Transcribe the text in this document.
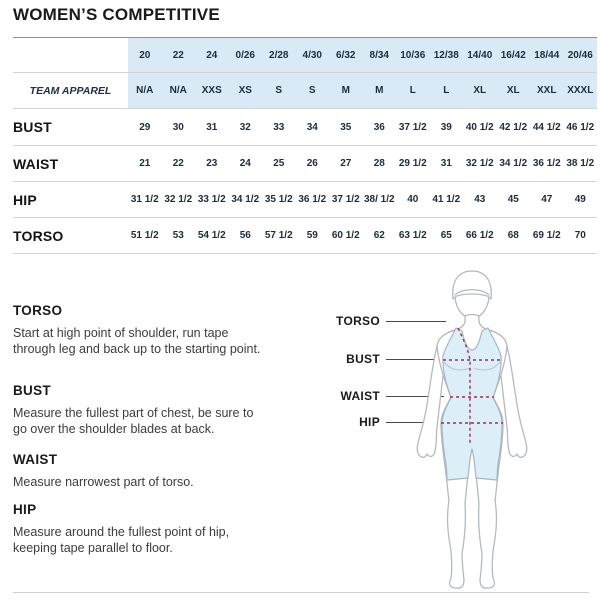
WOMEN’S COMPETITIVE
20	22	24	0/26	2/28	4/30	6/32	8/34	10/36 12/38 14/40 16/42 18/44 20/46
TEAM APPAREL	N/A	N/A	XXS	XS	S	S	M	M	L	L	XL	XL	XXL	XXXL
BUST	29	30	31	32	33	34	35	36	37 1/2	39	40 1/2 42 1/2 44 1/2 46 1/2
WAIST	21	22	23	24	25	26	27	28	29 1/2	31	32 1/2 34 1/2 36 1/2 38 1/2
HIP	31 1/2 32 1/2 33 1/2 34 1/2 35 1/2 36 1/2 37 1/2 38/ 1/2	40	41 1/2	43	45	47	49
TORSO	51 1/2	53	54 1/2	56	57 1/2	59	60 1/2	62	63 1/2	65	66 1/2	68	69 1/2	70
TORSO

Start at high point of shoulder, run tape through leg and back up to the starting point.

BUST

Measure the fullest part of chest, be sure to go over the shoulder blades at back.

WAIST

Measure narrowest part of torso.

HIP

Measure around the fullest point of hip, keeping tape parallel to floor.

TORSO
BUST
WAIST
HIP
